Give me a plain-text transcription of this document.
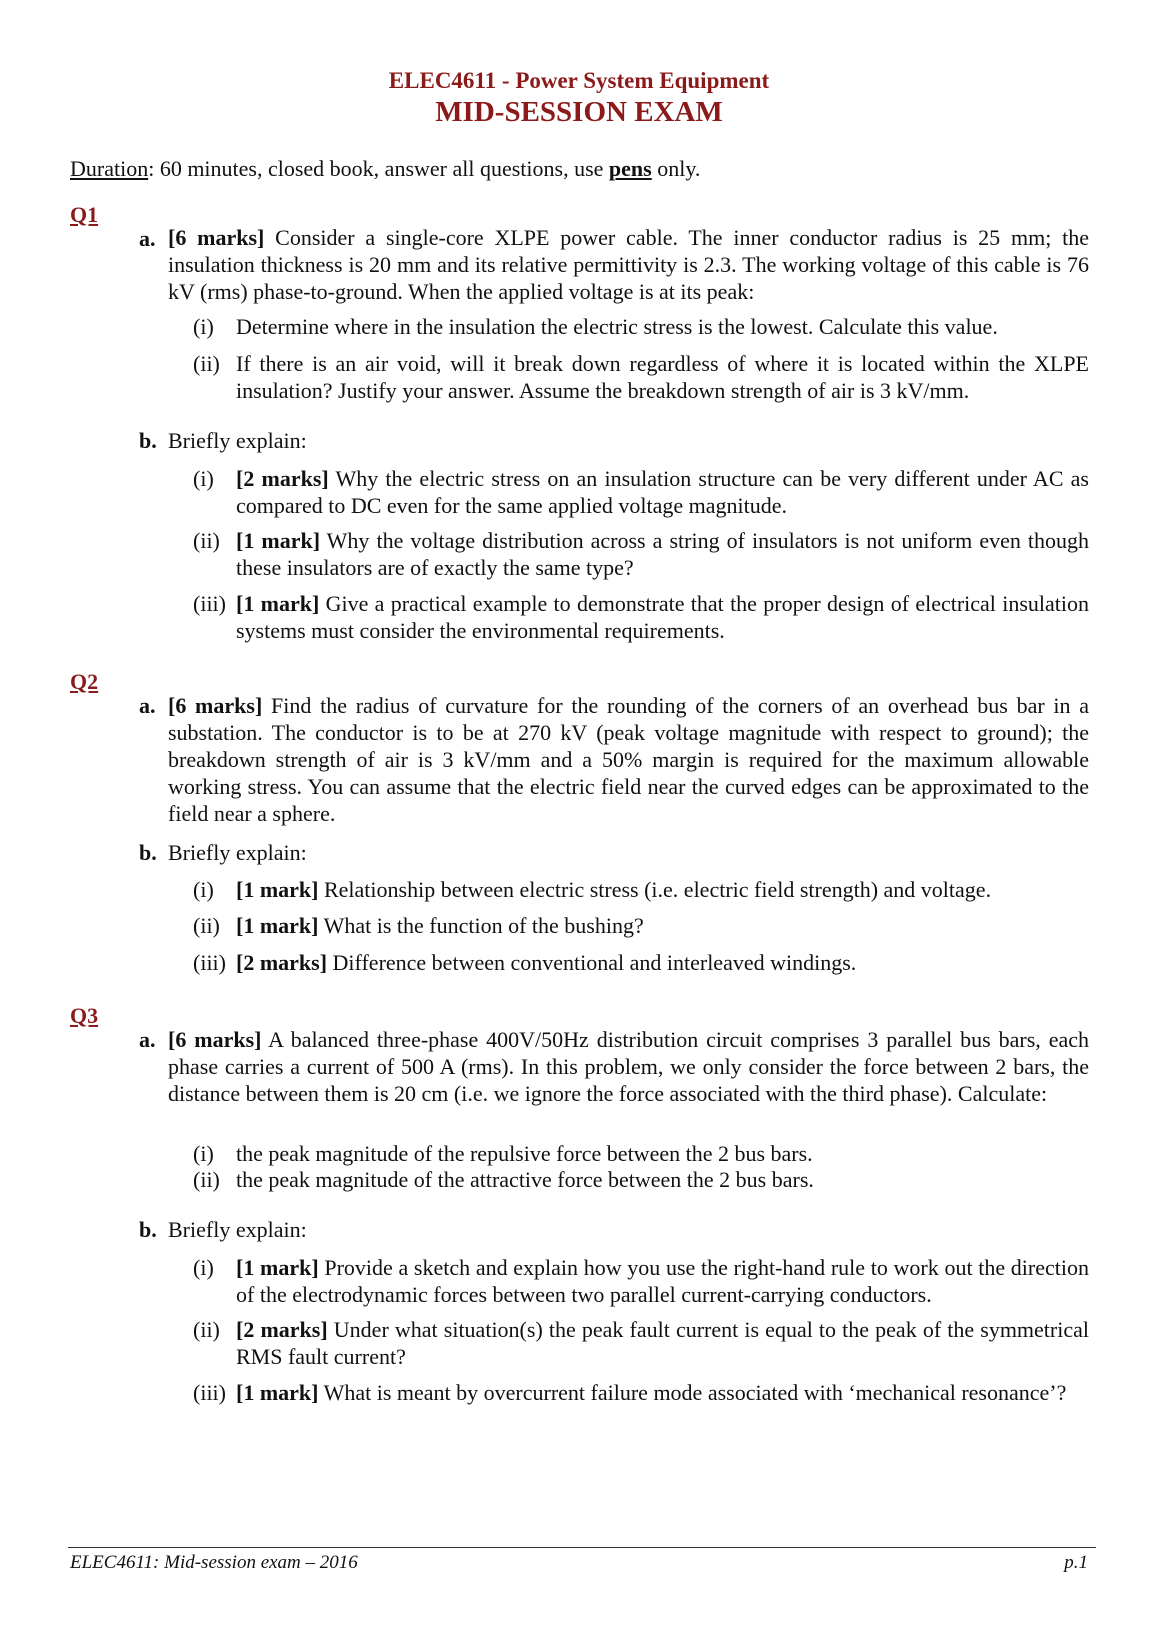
ELEC4611 - Power System Equipment
MID-SESSION EXAM
Duration: 60 minutes, closed book, answer all questions, use pens only.
Q1
a. [6 marks] Consider a single-core XLPE power cable. The inner conductor radius is 25 mm; the insulation thickness is 20 mm and its relative permittivity is 2.3. The working voltage of this cable is 76 kV (rms) phase-to-ground. When the applied voltage is at its peak:
(i) Determine where in the insulation the electric stress is the lowest. Calculate this value.
(ii) If there is an air void, will it break down regardless of where it is located within the XLPE insulation? Justify your answer. Assume the breakdown strength of air is 3 kV/mm.
b. Briefly explain:
(i) [2 marks] Why the electric stress on an insulation structure can be very different under AC as compared to DC even for the same applied voltage magnitude.
(ii) [1 mark] Why the voltage distribution across a string of insulators is not uniform even though these insulators are of exactly the same type?
(iii) [1 mark] Give a practical example to demonstrate that the proper design of electrical insulation systems must consider the environmental requirements.
Q2
a. [6 marks] Find the radius of curvature for the rounding of the corners of an overhead bus bar in a substation. The conductor is to be at 270 kV (peak voltage magnitude with respect to ground); the breakdown strength of air is 3 kV/mm and a 50% margin is required for the maximum allowable working stress. You can assume that the electric field near the curved edges can be approximated to the field near a sphere.
b. Briefly explain:
(i) [1 mark] Relationship between electric stress (i.e. electric field strength) and voltage.
(ii) [1 mark] What is the function of the bushing?
(iii) [2 marks] Difference between conventional and interleaved windings.
Q3
a. [6 marks] A balanced three-phase 400V/50Hz distribution circuit comprises 3 parallel bus bars, each phase carries a current of 500 A (rms). In this problem, we only consider the force between 2 bars, the distance between them is 20 cm (i.e. we ignore the force associated with the third phase). Calculate:
(i) the peak magnitude of the repulsive force between the 2 bus bars.
(ii) the peak magnitude of the attractive force between the 2 bus bars.
b. Briefly explain:
(i) [1 mark] Provide a sketch and explain how you use the right-hand rule to work out the direction of the electrodynamic forces between two parallel current-carrying conductors.
(ii) [2 marks] Under what situation(s) the peak fault current is equal to the peak of the symmetrical RMS fault current?
(iii) [1 mark] What is meant by overcurrent failure mode associated with ‘mechanical resonance’?
ELEC4611: Mid-session exam – 2016	p.1
